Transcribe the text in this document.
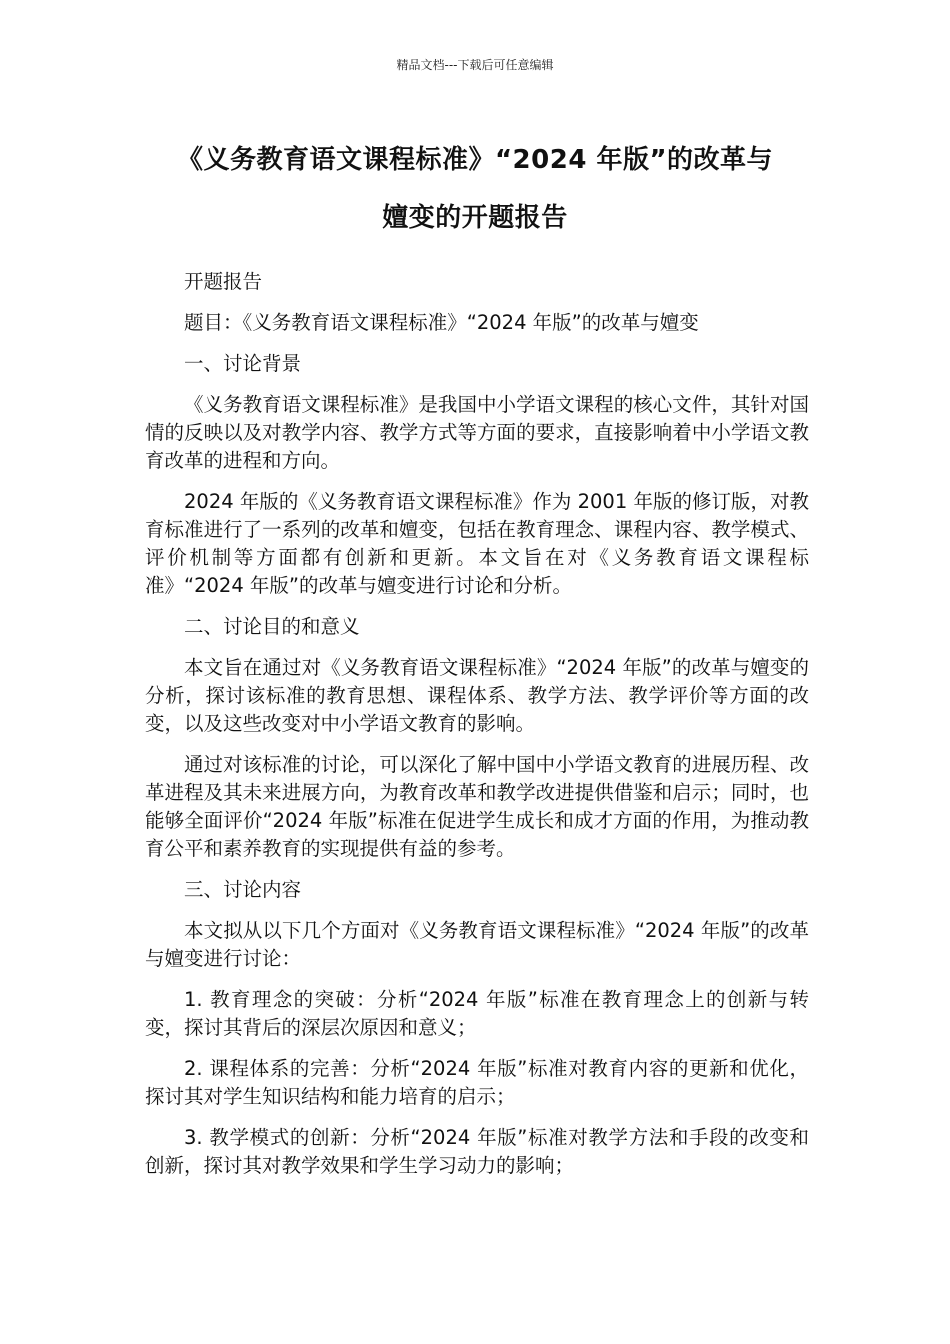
精品文档---下载后可任意编辑
《义务教育语文课程标准》“2024 年版”的改革与
嬗变的开题报告

开题报告

题目：《义务教育语文课程标准》“2024 年版”的改革与嬗变

一、讨论背景

《义务教育语文课程标准》是我国中小学语文课程的核心文件，其针对国情的反映以及对教学内容、教学方式等方面的要求，直接影响着中小学语文教育改革的进程和方向。

2024 年版的《义务教育语文课程标准》作为 2001 年版的修订版，对教育标准进行了一系列的改革和嬗变，包括在教育理念、课程内容、教学模式、评价机制等方面都有创新和更新。本文旨在对《义务教育语文课程标准》“2024 年版”的改革与嬗变进行讨论和分析。

二、讨论目的和意义

本文旨在通过对《义务教育语文课程标准》“2024 年版”的改革与嬗变的分析，探讨该标准的教育思想、课程体系、教学方法、教学评价等方面的改变，以及这些改变对中小学语文教育的影响。

通过对该标准的讨论，可以深化了解中国中小学语文教育的进展历程、改革进程及其未来进展方向，为教育改革和教学改进提供借鉴和启示；同时，也能够全面评价“2024 年版”标准在促进学生成长和成才方面的作用，为推动教育公平和素养教育的实现提供有益的参考。

三、讨论内容

本文拟从以下几个方面对《义务教育语文课程标准》“2024 年版”的改革与嬗变进行讨论：

1. 教育理念的突破：分析“2024 年版”标准在教育理念上的创新与转变，探讨其背后的深层次原因和意义；

2. 课程体系的完善：分析“2024 年版”标准对教育内容的更新和优化，探讨其对学生知识结构和能力培育的启示；

3. 教学模式的创新：分析“2024 年版”标准对教学方法和手段的改变和创新，探讨其对教学效果和学生学习动力的影响；
